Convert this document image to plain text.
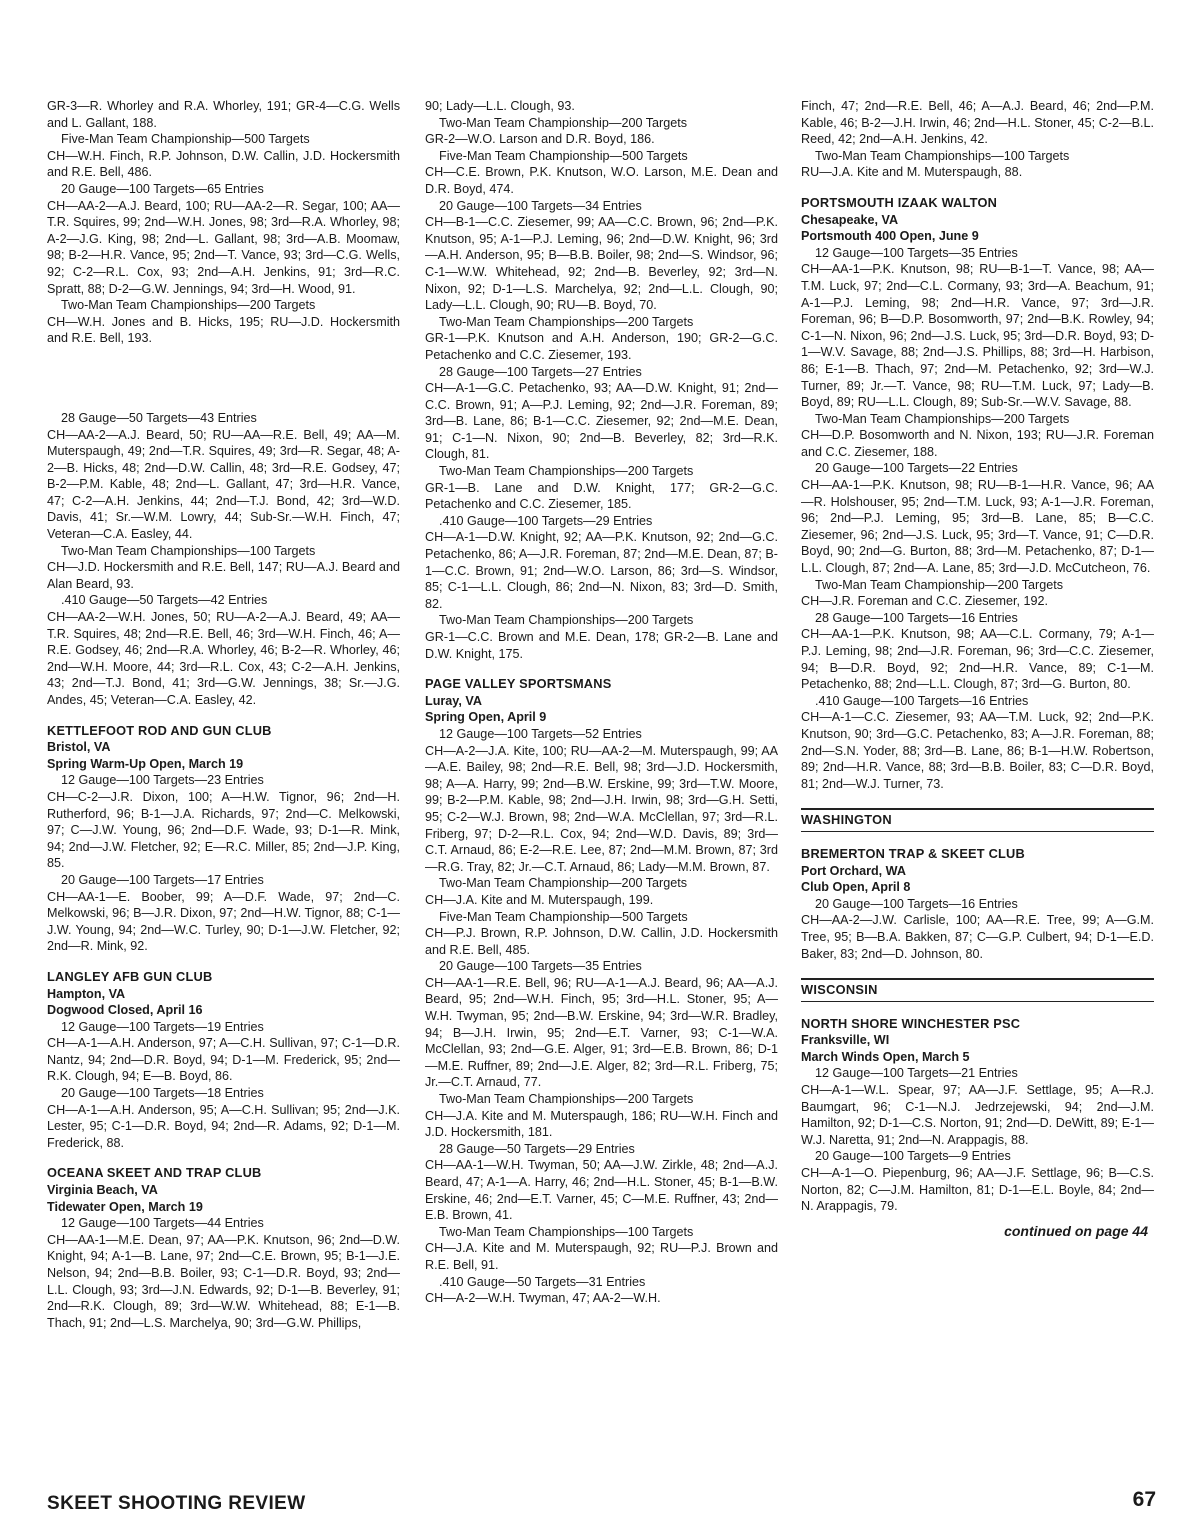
GR-3—R. Whorley and R.A. Whorley, 191; GR-4—C.G. Wells and L. Gallant, 188.
Five-Man Team Championship—500 Targets
CH—W.H. Finch, R.P. Johnson, D.W. Callin, J.D. Hockersmith and R.E. Bell, 486.
20 Gauge—100 Targets—65 Entries
CH—AA-2—A.J. Beard, 100; RU—AA-2—R. Segar, 100; AA—T.R. Squires, 99; 2nd—W.H. Jones, 98; 3rd—R.A. Whorley, 98; A-2—J.G. King, 98; 2nd—L. Gallant, 98; 3rd—A.B. Moomaw, 98; B-2—H.R. Vance, 95; 2nd—T. Vance, 93; 3rd—C.G. Wells, 92; C-2—R.L. Cox, 93; 2nd—A.H. Jenkins, 91; 3rd—R.C. Spratt, 88; D-2—G.W. Jennings, 94; 3rd—H. Wood, 91.
Two-Man Team Championships—200 Targets
CH—W.H. Jones and B. Hicks, 195; RU—J.D. Hockersmith and R.E. Bell, 193.
28 Gauge—50 Targets—43 Entries
CH—AA-2—A.J. Beard, 50; RU—AA—R.E. Bell, 49; AA—M. Muterspaugh, 49; 2nd—T.R. Squires, 49; 3rd—R. Segar, 48; A-2—B. Hicks, 48; 2nd—D.W. Callin, 48; 3rd—R.E. Godsey, 47; B-2—P.M. Kable, 48; 2nd—L. Gallant, 47; 3rd—H.R. Vance, 47; C-2—A.H. Jenkins, 44; 2nd—T.J. Bond, 42; 3rd—W.D. Davis, 41; Sr.—W.M. Lowry, 44; Sub-Sr.—W.H. Finch, 47; Veteran—C.A. Easley, 44.
Two-Man Team Championships—100 Targets
CH—J.D. Hockersmith and R.E. Bell, 147; RU—A.J. Beard and Alan Beard, 93.
.410 Gauge—50 Targets—42 Entries
CH—AA-2—W.H. Jones, 50; RU—A-2—A.J. Beard, 49; AA—T.R. Squires, 48; 2nd—R.E. Bell, 46; 3rd—W.H. Finch, 46; A—R.E. Godsey, 46; 2nd—R.A. Whorley, 46; B-2—R. Whorley, 46; 2nd—W.H. Moore, 44; 3rd—R.L. Cox, 43; C-2—A.H. Jenkins, 43; 2nd—T.J. Bond, 41; 3rd—G.W. Jennings, 38; Sr.—J.G. Andes, 45; Veteran—C.A. Easley, 42.
KETTLEFOOT ROD AND GUN CLUB
Bristol, VA
Spring Warm-Up Open, March 19
12 Gauge—100 Targets—23 Entries
CH—C-2—J.R. Dixon, 100; A—H.W. Tignor, 96; 2nd—H. Rutherford, 96; B-1—J.A. Richards, 97; 2nd—C. Melkowski, 97; C—J.W. Young, 96; 2nd—D.F. Wade, 93; D-1—R. Mink, 94; 2nd—J.W. Fletcher, 92; E—R.C. Miller, 85; 2nd—J.P. King, 85.
20 Gauge—100 Targets—17 Entries
CH—AA-1—E. Boober, 99; A—D.F. Wade, 97; 2nd—C. Melkowski, 96; B—J.R. Dixon, 97; 2nd—H.W. Tignor, 88; C-1—J.W. Young, 94; 2nd—W.C. Turley, 90; D-1—J.W. Fletcher, 92; 2nd—R. Mink, 92.
LANGLEY AFB GUN CLUB
Hampton, VA
Dogwood Closed, April 16
12 Gauge—100 Targets—19 Entries
CH—A-1—A.H. Anderson, 97; A—C.H. Sullivan, 97; C-1—D.R. Nantz, 94; 2nd—D.R. Boyd, 94; D-1—M. Frederick, 95; 2nd—R.K. Clough, 94; E—B. Boyd, 86.
20 Gauge—100 Targets—18 Entries
CH—A-1—A.H. Anderson, 95; A—C.H. Sullivan; 95; 2nd—J.K. Lester, 95; C-1—D.R. Boyd, 94; 2nd—R. Adams, 92; D-1—M. Frederick, 88.
OCEANA SKEET AND TRAP CLUB
Virginia Beach, VA
Tidewater Open, March 19
12 Gauge—100 Targets—44 Entries
CH—AA-1—M.E. Dean, 97; AA—P.K. Knutson, 96; 2nd—D.W. Knight, 94; A-1—B. Lane, 97; 2nd—C.E. Brown, 95; B-1—J.E. Nelson, 94; 2nd—B.B. Boiler, 93; C-1—D.R. Boyd, 93; 2nd—L.L. Clough, 93; 3rd—J.N. Edwards, 92; D-1—B. Beverley, 91; 2nd—R.K. Clough, 89; 3rd—W.W. Whitehead, 88; E-1—B. Thach, 91; 2nd—L.S. Marchelya, 90; 3rd—G.W. Phillips,
90; Lady—L.L. Clough, 93.
Two-Man Team Championship—200 Targets
GR-2—W.O. Larson and D.R. Boyd, 186.
Five-Man Team Championship—500 Targets
CH—C.E. Brown, P.K. Knutson, W.O. Larson, M.E. Dean and D.R. Boyd, 474.
20 Gauge—100 Targets—34 Entries
CH—B-1—C.C. Ziesemer, 99; AA—C.C. Brown, 96; 2nd—P.K. Knutson, 95; A-1—P.J. Leming, 96; 2nd—D.W. Knight, 96; 3rd—A.H. Anderson, 95; B—B.B. Boiler, 98; 2nd—S. Windsor, 96; C-1—W.W. Whitehead, 92; 2nd—B. Beverley, 92; 3rd—N. Nixon, 92; D-1—L.S. Marchelya, 92; 2nd—L.L. Clough, 90; Lady—L.L. Clough, 90; RU—B. Boyd, 70.
Two-Man Team Championships—200 Targets
GR-1—P.K. Knutson and A.H. Anderson, 190; GR-2—G.C. Petachenko and C.C. Ziesemer, 193.
28 Gauge—100 Targets—27 Entries
CH—A-1—G.C. Petachenko, 93; AA—D.W. Knight, 91; 2nd—C.C. Brown, 91; A—P.J. Leming, 92; 2nd—J.R. Foreman, 89; 3rd—B. Lane, 86; B-1—C.C. Ziesemer, 92; 2nd—M.E. Dean, 91; C-1—N. Nixon, 90; 2nd—B. Beverley, 82; 3rd—R.K. Clough, 81.
Two-Man Team Championships—200 Targets
GR-1—B. Lane and D.W. Knight, 177; GR-2—G.C. Petachenko and C.C. Ziesemer, 185.
.410 Gauge—100 Targets—29 Entries
CH—A-1—D.W. Knight, 92; AA—P.K. Knutson, 92; 2nd—G.C. Petachenko, 86; A—J.R. Foreman, 87; 2nd—M.E. Dean, 87; B-1—C.C. Brown, 91; 2nd—W.O. Larson, 86; 3rd—S. Windsor, 85; C-1—L.L. Clough, 86; 2nd—N. Nixon, 83; 3rd—D. Smith, 82.
Two-Man Team Championships—200 Targets
GR-1—C.C. Brown and M.E. Dean, 178; GR-2—B. Lane and D.W. Knight, 175.
PAGE VALLEY SPORTSMANS
Luray, VA
Spring Open, April 9
12 Gauge—100 Targets—52 Entries
CH—A-2—J.A. Kite, 100; RU—AA-2—M. Muterspaugh, 99; AA—A.E. Bailey, 98; 2nd—R.E. Bell, 98; 3rd—J.D. Hockersmith, 98; A—A. Harry, 99; 2nd—B.W. Erskine, 99; 3rd—T.W. Moore, 99; B-2—P.M. Kable, 98; 2nd—J.H. Irwin, 98; 3rd—G.H. Setti, 95; C-2—W.J. Brown, 98; 2nd—W.A. McClellan, 97; 3rd—R.L. Friberg, 97; D-2—R.L. Cox, 94; 2nd—W.D. Davis, 89; 3rd—C.T. Arnaud, 86; E-2—R.E. Lee, 87; 2nd—M.M. Brown, 87; 3rd—R.G. Tray, 82; Jr.—C.T. Arnaud, 86; Lady—M.M. Brown, 87.
Two-Man Team Championship—200 Targets
CH—J.A. Kite and M. Muterspaugh, 199.
Five-Man Team Championship—500 Targets
CH—P.J. Brown, R.P. Johnson, D.W. Callin, J.D. Hockersmith and R.E. Bell, 485.
20 Gauge—100 Targets—35 Entries
CH—AA-1—R.E. Bell, 96; RU—A-1—A.J. Beard, 96; AA—A.J. Beard, 95; 2nd—W.H. Finch, 95; 3rd—H.L. Stoner, 95; A—W.H. Twyman, 95; 2nd—B.W. Erskine, 94; 3rd—W.R. Bradley, 94; B—J.H. Irwin, 95; 2nd—E.T. Varner, 93; C-1—W.A. McClellan, 93; 2nd—G.E. Alger, 91; 3rd—E.B. Brown, 86; D-1—M.E. Ruffner, 89; 2nd—J.E. Alger, 82; 3rd—R.L. Friberg, 75; Jr.—C.T. Arnaud, 77.
Two-Man Team Championships—200 Targets
CH—J.A. Kite and M. Muterspaugh, 186; RU—W.H. Finch and J.D. Hockersmith, 181.
28 Gauge—50 Targets—29 Entries
CH—AA-1—W.H. Twyman, 50; AA—J.W. Zirkle, 48; 2nd—A.J. Beard, 47; A-1—A. Harry, 46; 2nd—H.L. Stoner, 45; B-1—B.W. Erskine, 46; 2nd—E.T. Varner, 45; C—M.E. Ruffner, 43; 2nd—E.B. Brown, 41.
Two-Man Team Championships—100 Targets
CH—J.A. Kite and M. Muterspaugh, 92; RU—P.J. Brown and R.E. Bell, 91.
.410 Gauge—50 Targets—31 Entries
CH—A-2—W.H. Twyman, 47; AA-2—W.H.
Finch, 47; 2nd—R.E. Bell, 46; A—A.J. Beard, 46; 2nd—P.M. Kable, 46; B-2—J.H. Irwin, 46; 2nd—H.L. Stoner, 45; C-2—B.L. Reed, 42; 2nd—A.H. Jenkins, 42.
Two-Man Team Championships—100 Targets
RU—J.A. Kite and M. Muterspaugh, 88.
PORTSMOUTH IZAAK WALTON
Chesapeake, VA
Portsmouth 400 Open, June 9
12 Gauge—100 Targets—35 Entries
CH—AA-1—P.K. Knutson, 98; RU—B-1—T. Vance, 98; AA—T.M. Luck, 97; 2nd—C.L. Cormany, 93; 3rd—A. Beachum, 91; A-1—P.J. Leming, 98; 2nd—H.R. Vance, 97; 3rd—J.R. Foreman, 96; B—D.P. Bosomworth, 97; 2nd—B.K. Rowley, 94; C-1—N. Nixon, 96; 2nd—J.S. Luck, 95; 3rd—D.R. Boyd, 93; D-1—W.V. Savage, 88; 2nd—J.S. Phillips, 88; 3rd—H. Harbison, 86; E-1—B. Thach, 97; 2nd—M. Petachenko, 92; 3rd—W.J. Turner, 89; Jr.—T. Vance, 98; RU—T.M. Luck, 97; Lady—B. Boyd, 89; RU—L.L. Clough, 89; Sub-Sr.—W.V. Savage, 88.
Two-Man Team Championships—200 Targets
CH—D.P. Bosomworth and N. Nixon, 193; RU—J.R. Foreman and C.C. Ziesemer, 188.
20 Gauge—100 Targets—22 Entries
CH—AA-1—P.K. Knutson, 98; RU—B-1—H.R. Vance, 96; AA—R. Holshouser, 95; 2nd—T.M. Luck, 93; A-1—J.R. Foreman, 96; 2nd—P.J. Leming, 95; 3rd—B. Lane, 85; B—C.C. Ziesemer, 96; 2nd—J.S. Luck, 95; 3rd—T. Vance, 91; C—D.R. Boyd, 90; 2nd—G. Burton, 88; 3rd—M. Petachenko, 87; D-1—L.L. Clough, 87; 2nd—A. Lane, 85; 3rd—J.D. McCutcheon, 76.
Two-Man Team Championship—200 Targets
CH—J.R. Foreman and C.C. Ziesemer, 192.
28 Gauge—100 Targets—16 Entries
CH—AA-1—P.K. Knutson, 98; AA—C.L. Cormany, 79; A-1—P.J. Leming, 98; 2nd—J.R. Foreman, 96; 3rd—C.C. Ziesemer, 94; B—D.R. Boyd, 92; 2nd—H.R. Vance, 89; C-1—M. Petachenko, 88; 2nd—L.L. Clough, 87; 3rd—G. Burton, 80.
.410 Gauge—100 Targets—16 Entries
CH—A-1—C.C. Ziesemer, 93; AA—T.M. Luck, 92; 2nd—P.K. Knutson, 90; 3rd—G.C. Petachenko, 83; A—J.R. Foreman, 88; 2nd—S.N. Yoder, 88; 3rd—B. Lane, 86; B-1—H.W. Robertson, 89; 2nd—H.R. Vance, 88; 3rd—B.B. Boiler, 83; C—D.R. Boyd, 81; 2nd—W.J. Turner, 73.
WASHINGTON
BREMERTON TRAP & SKEET CLUB
Port Orchard, WA
Club Open, April 8
20 Gauge—100 Targets—16 Entries
CH—AA-2—J.W. Carlisle, 100; AA—R.E. Tree, 99; A—G.M. Tree, 95; B—B.A. Bakken, 87; C—G.P. Culbert, 94; D-1—E.D. Baker, 83; 2nd—D. Johnson, 80.
WISCONSIN
NORTH SHORE WINCHESTER PSC
Franksville, WI
March Winds Open, March 5
12 Gauge—100 Targets—21 Entries
CH—A-1—W.L. Spear, 97; AA—J.F. Settlage, 95; A—R.J. Baumgart, 96; C-1—N.J. Jedrzejewski, 94; 2nd—J.M. Hamilton, 92; D-1—C.S. Norton, 91; 2nd—D. DeWitt, 89; E-1—W.J. Naretta, 91; 2nd—N. Arappagis, 88.
20 Gauge—100 Targets—9 Entries
CH—A-1—O. Piepenburg, 96; AA—J.F. Settlage, 96; B—C.S. Norton, 82; C—J.M. Hamilton, 81; D-1—E.L. Boyle, 84; 2nd—N. Arappagis, 79.
continued on page 44
SKEET SHOOTING REVIEW	67
